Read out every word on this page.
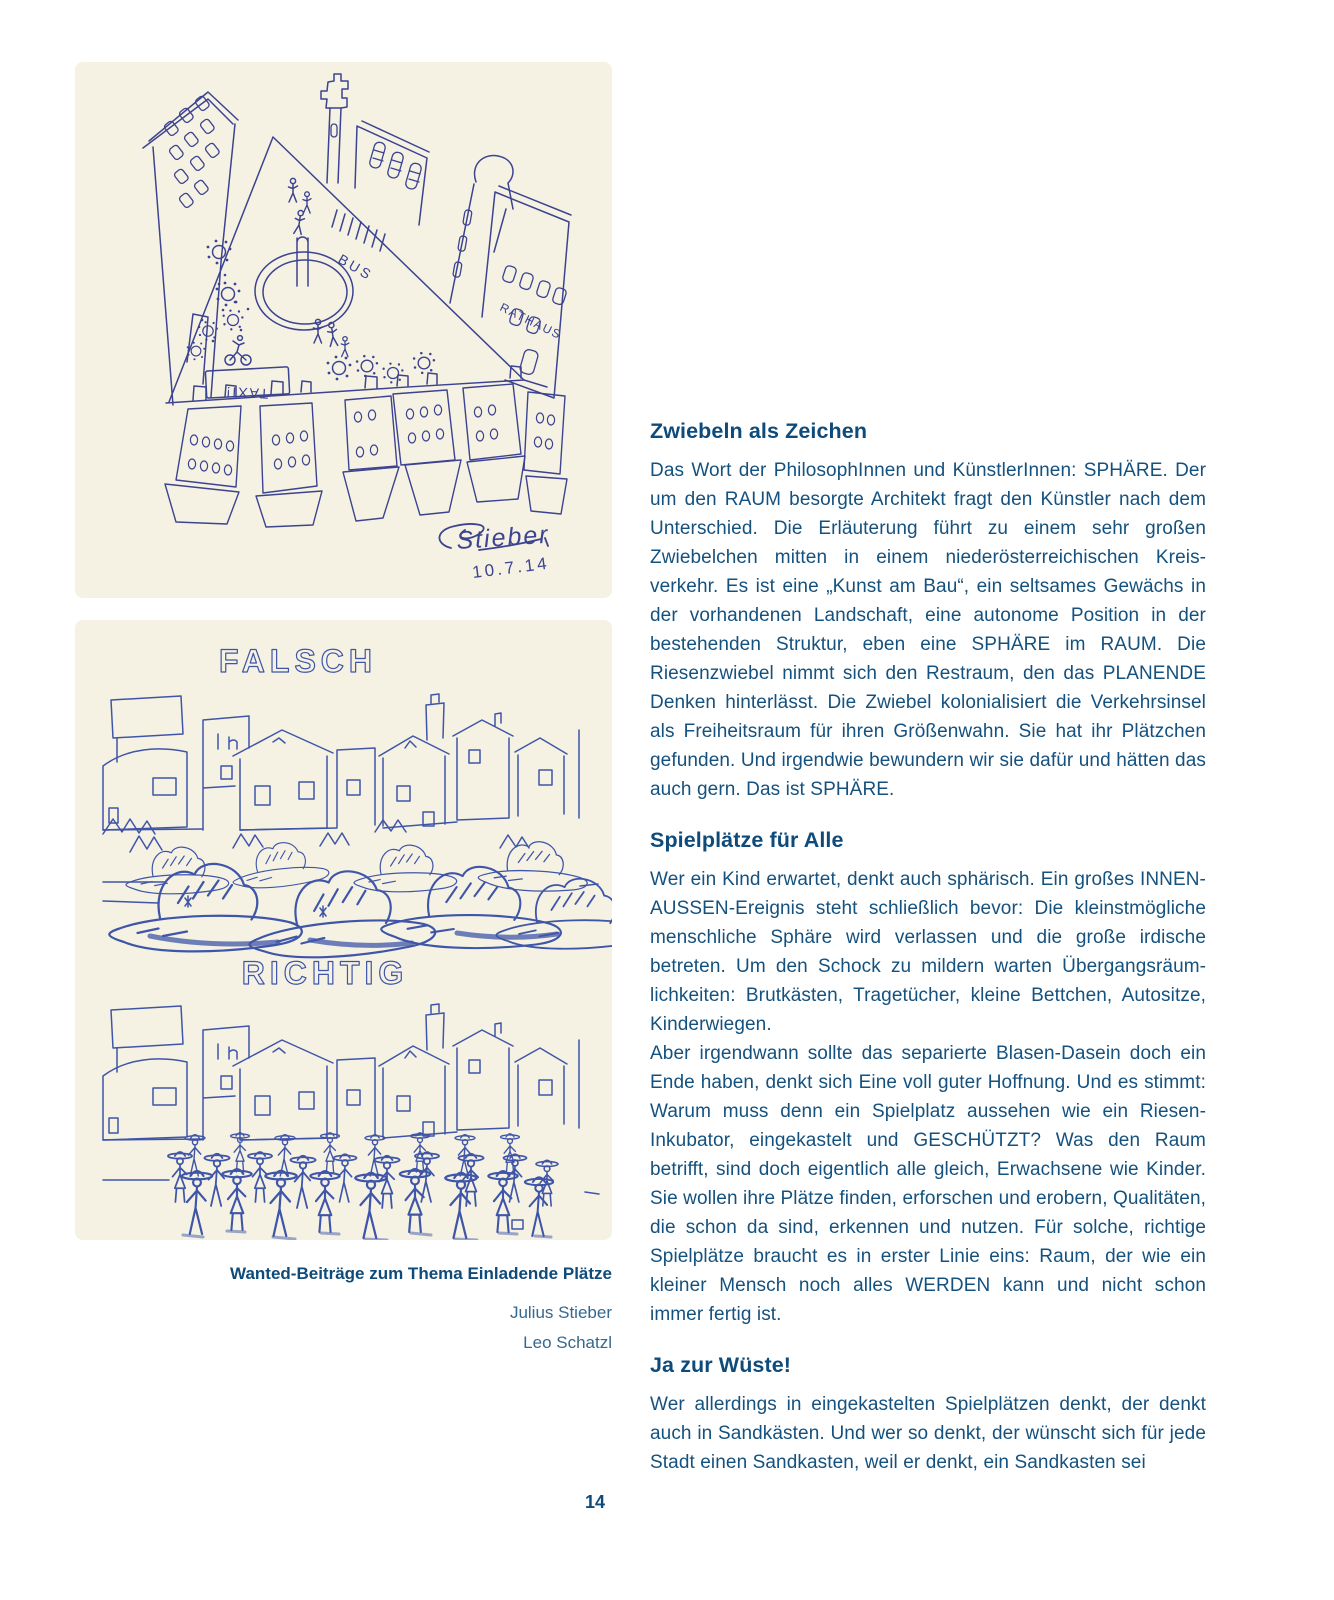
BUS
RATHAUS
TAXI!
Stieber
10.7.14
FALSCH
RICHTIG
Wanted-Beiträge zum Thema Einladende Plätze
Julius Stieber
Leo Schatzl
Zwiebeln als Zeichen

Das Wort der PhilosophInnen und KünstlerInnen: SPHÄRE. Der um den RAUM besorgte Architekt fragt den Künstler nach dem Unterschied. Die Erläuterung führt zu einem sehr großen Zwiebelchen mitten in einem niederösterreichischen Kreisverkehr. Es ist eine „Kunst am Bau“, ein seltsames Gewächs in der vorhandenen Landschaft, eine autonome Position in der bestehenden Struktur, eben eine SPHÄRE im RAUM. Die Riesenzwiebel nimmt sich den Restraum, den das PLANENDE Denken hinterlässt. Die Zwiebel kolonialisiert die Verkehrsinsel als Freiheitsraum für ihren Größenwahn. Sie hat ihr Plätzchen gefunden. Und irgendwie bewundern wir sie dafür und hätten das auch gern. Das ist SPHÄRE.

Spielplätze für Alle

Wer ein Kind erwartet, denkt auch sphärisch. Ein großes INNEN-AUSSEN-Ereignis steht schließlich bevor: Die kleinstmögliche menschliche Sphäre wird verlassen und die große irdische betreten. Um den Schock zu mildern warten Übergangsräumlichkeiten: Brutkästen, Tragetücher, kleine Bettchen, Autositze, Kinderwiegen.

Aber irgendwann sollte das separierte Blasen-Dasein doch ein Ende haben, denkt sich Eine voll guter Hoffnung. Und es stimmt: Warum muss denn ein Spielplatz aussehen wie ein Riesen-Inkubator, eingekastelt und GESCHÜTZT? Was den Raum betrifft, sind doch eigentlich alle gleich, Erwachsene wie Kinder. Sie wollen ihre Plätze finden, erforschen und erobern, Qualitäten, die schon da sind, erkennen und nutzen. Für solche, richtige Spielplätze braucht es in erster Linie eins: Raum, der wie ein kleiner Mensch noch alles WERDEN kann und nicht schon immer fertig ist.

Ja zur Wüste!

Wer allerdings in eingekastelten Spielplätzen denkt, der denkt auch in Sandkästen. Und wer so denkt, der wünscht sich für jede Stadt einen Sandkasten, weil er denkt, ein Sandkasten sei

14
